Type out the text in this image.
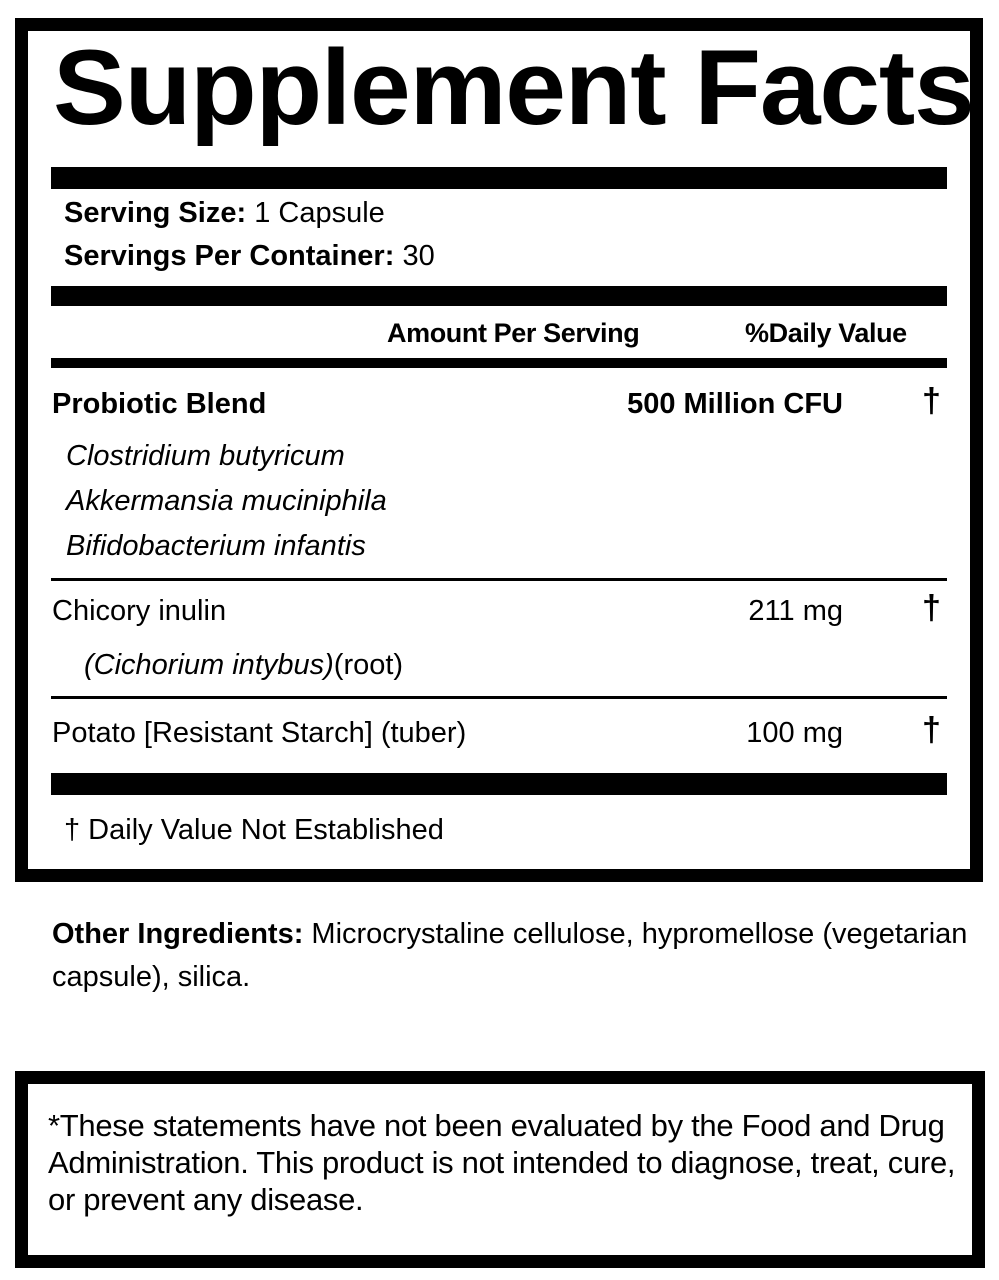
Supplement Facts
Serving Size: 1 Capsule
Servings Per Container: 30
Amount Per Serving	%Daily Value
Probiotic Blend	500 Million CFU †
Clostridium butyricum
Akkermansia muciniphila
Bifidobacterium infantis
Chicory inulin	211 mg †
(Cichorium intybus)(root)
Potato [Resistant Starch] (tuber)	100 mg †
† Daily Value Not Established
Other Ingredients: Microcrystaline cellulose, hypromellose (vegetarian capsule), silica.
*These statements have not been evaluated by the Food and Drug Administration. This product is not intended to diagnose, treat, cure, or prevent any disease.
